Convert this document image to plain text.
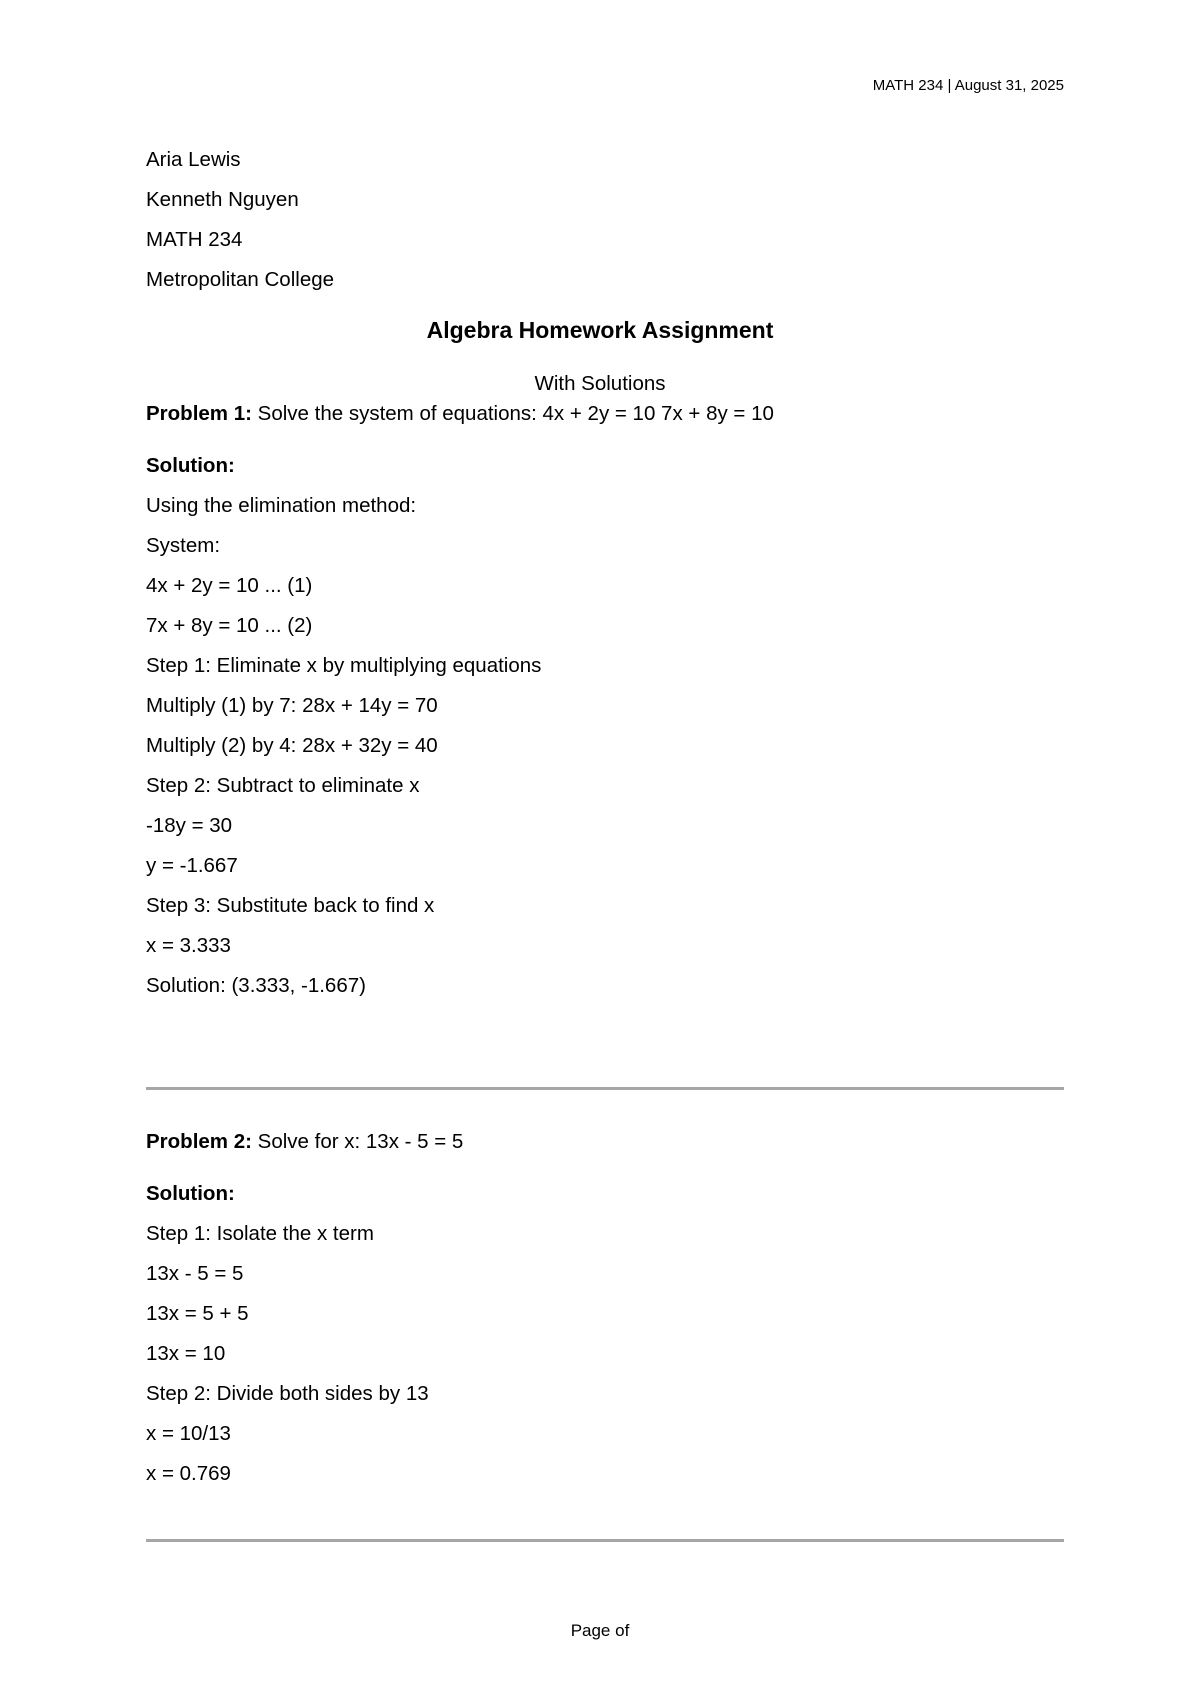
MATH 234 | August 31, 2025
Aria Lewis
Kenneth Nguyen
MATH 234
Metropolitan College
Algebra Homework Assignment
With Solutions
Problem 1: Solve the system of equations: 4x + 2y = 10 7x + 8y = 10
Solution:
Using the elimination method:
System:
4x + 2y = 10 ... (1)
7x + 8y = 10 ... (2)
Step 1: Eliminate x by multiplying equations
Multiply (1) by 7: 28x + 14y = 70
Multiply (2) by 4: 28x + 32y = 40
Step 2: Subtract to eliminate x
-18y = 30
y = -1.667
Step 3: Substitute back to find x
x = 3.333
Solution: (3.333, -1.667)
Problem 2: Solve for x: 13x - 5 = 5
Solution:
Step 1: Isolate the x term
13x - 5 = 5
13x = 5 + 5
13x = 10
Step 2: Divide both sides by 13
x = 10/13
x = 0.769
Page of
